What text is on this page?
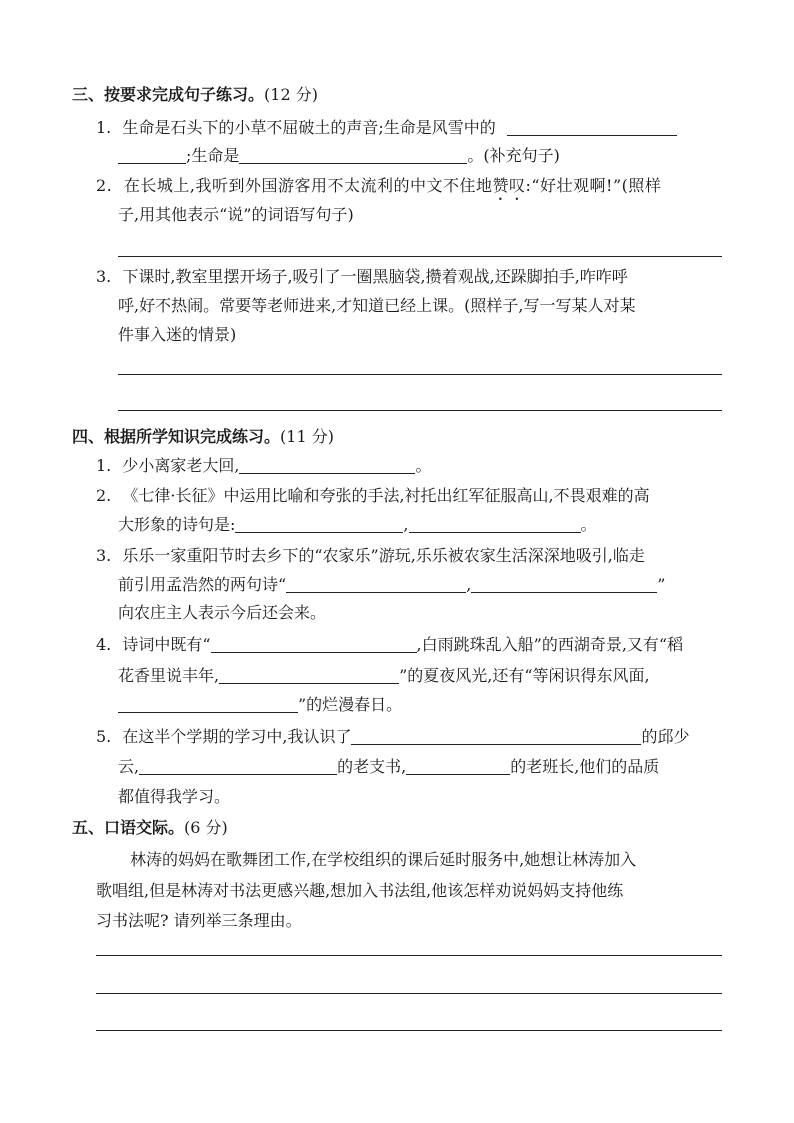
三、按要求完成句子练习。(12 分)
1. 生命是石头下的小草不屈破土的声音;生命是风雪中的
;生命是	。(补充句子)
2. 在长城上,我听到外国游客用不太流利的中文不住地赞叹:“好壮观啊!”(照样
子,用其他表示“说”的词语写句子)
3. 下课时,教室里摆开场子,吸引了一圈黑脑袋,攒着观战,还跺脚拍手,咋咋呼
呼,好不热闹。常要等老师进来,才知道已经上课。(照样子,写一写某人对某
件事入迷的情景)
四、根据所学知识完成练习。(11 分)
1. 少小离家老大回,	。
2. 《七律·长征》中运用比喻和夸张的手法,衬托出红军征服高山,不畏艰难的高
大形象的诗句是:	,	。
3. 乐乐一家重阳节时去乡下的“农家乐”游玩,乐乐被农家生活深深地吸引,临走
前引用孟浩然的两句诗“	,	”
向农庄主人表示今后还会来。
4. 诗词中既有“	,白雨跳珠乱入船”的西湖奇景,又有“稻
花香里说丰年,	”的夏夜风光,还有“等闲识得东风面,
”的烂漫春日。
5. 在这半个学期的学习中,我认识了	的邱少
云,	的老支书,	的老班长,他们的品质
都值得我学习。
五、口语交际。(6 分)
林涛的妈妈在歌舞团工作,在学校组织的课后延时服务中,她想让林涛加入
歌唱组,但是林涛对书法更感兴趣,想加入书法组,他该怎样劝说妈妈支持他练
习书法呢? 请列举三条理由。
